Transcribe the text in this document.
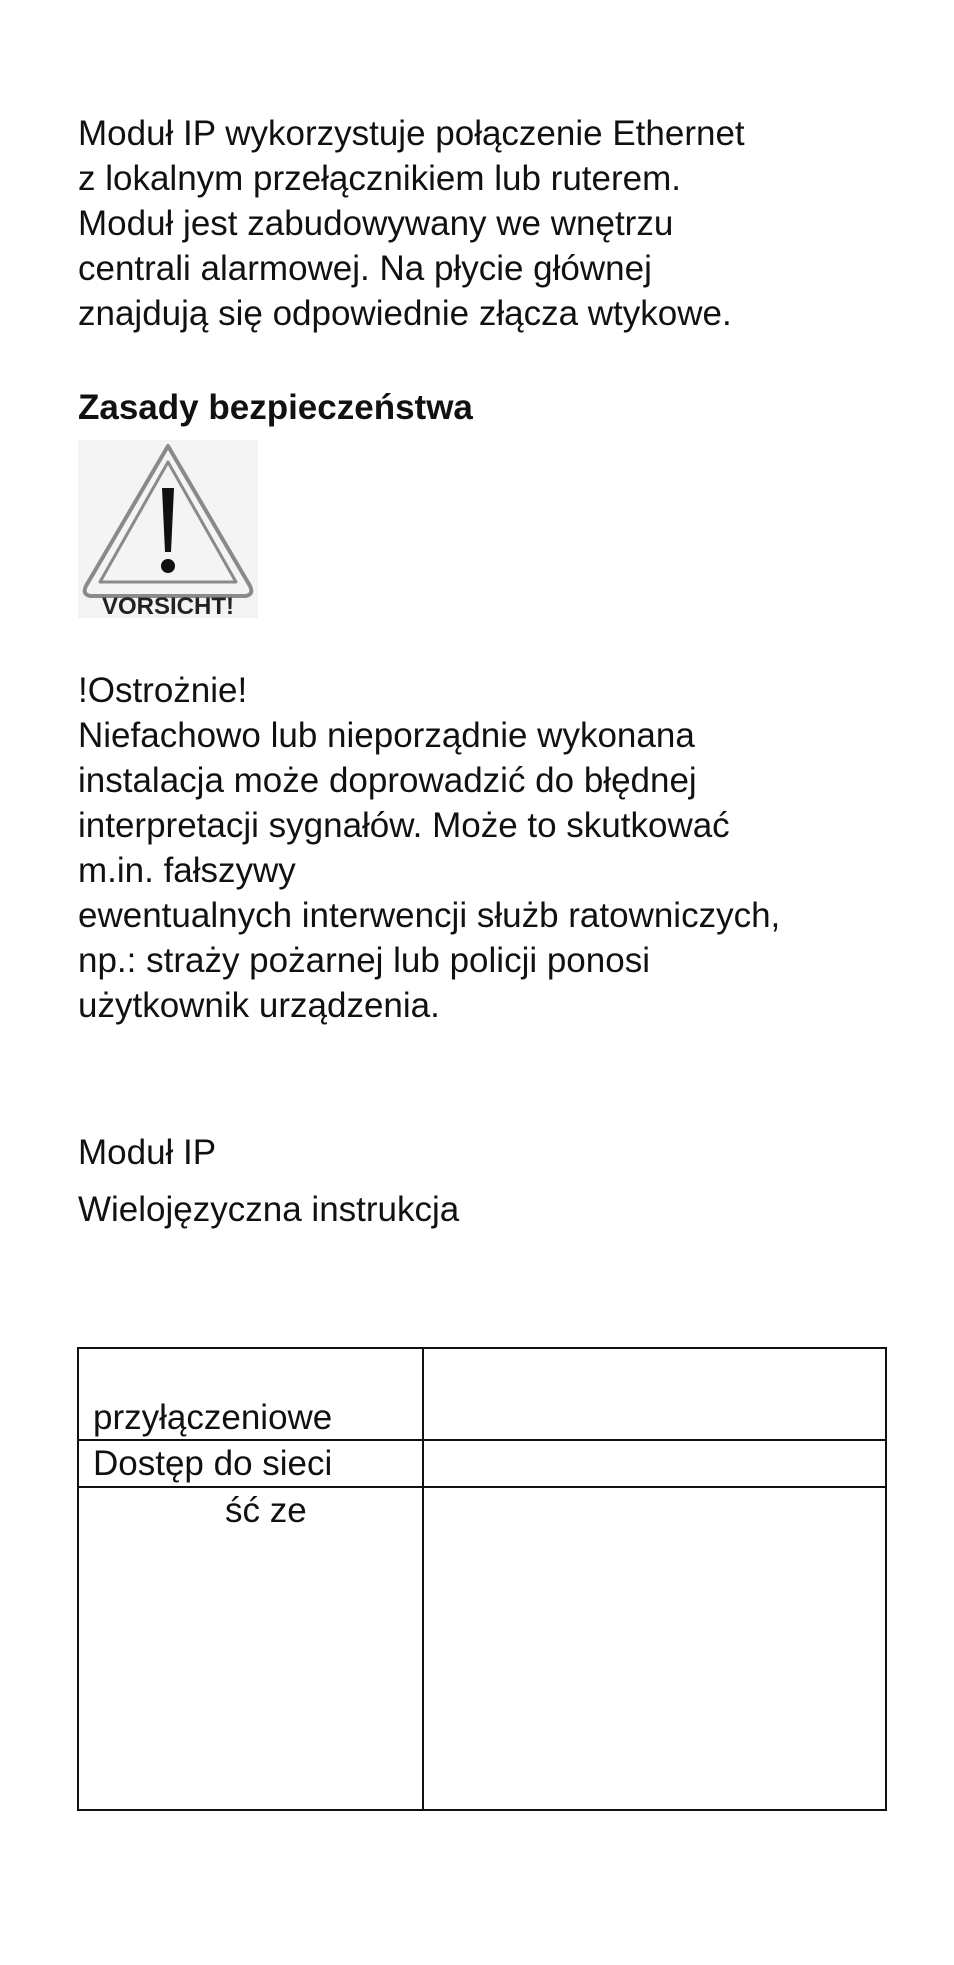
Moduł IP wykorzystuje połączenie Ethernet
z lokalnym przełącznikiem lub ruterem.
Moduł jest zabudowywany we wnętrzu
centrali alarmowej. Na płycie głównej
znajdują się odpowiednie złącza wtykowe.

Zasady bezpieczeństwa
VORSICHT!

!Ostrożnie!
Niefachowo lub nieporządnie wykonana
instalacja może doprowadzić do błędnej
interpretacji sygnałów. Może to skutkować
m.in. fałszywy
ewentualnych interwencji służb ratowniczych,
np.: straży pożarnej lub policji ponosi
użytkownik urządzenia.

Moduł IP

Wielojęzyczna instrukcja

przyłączeniowe	
Dostęp do sieci	
ść ze	
